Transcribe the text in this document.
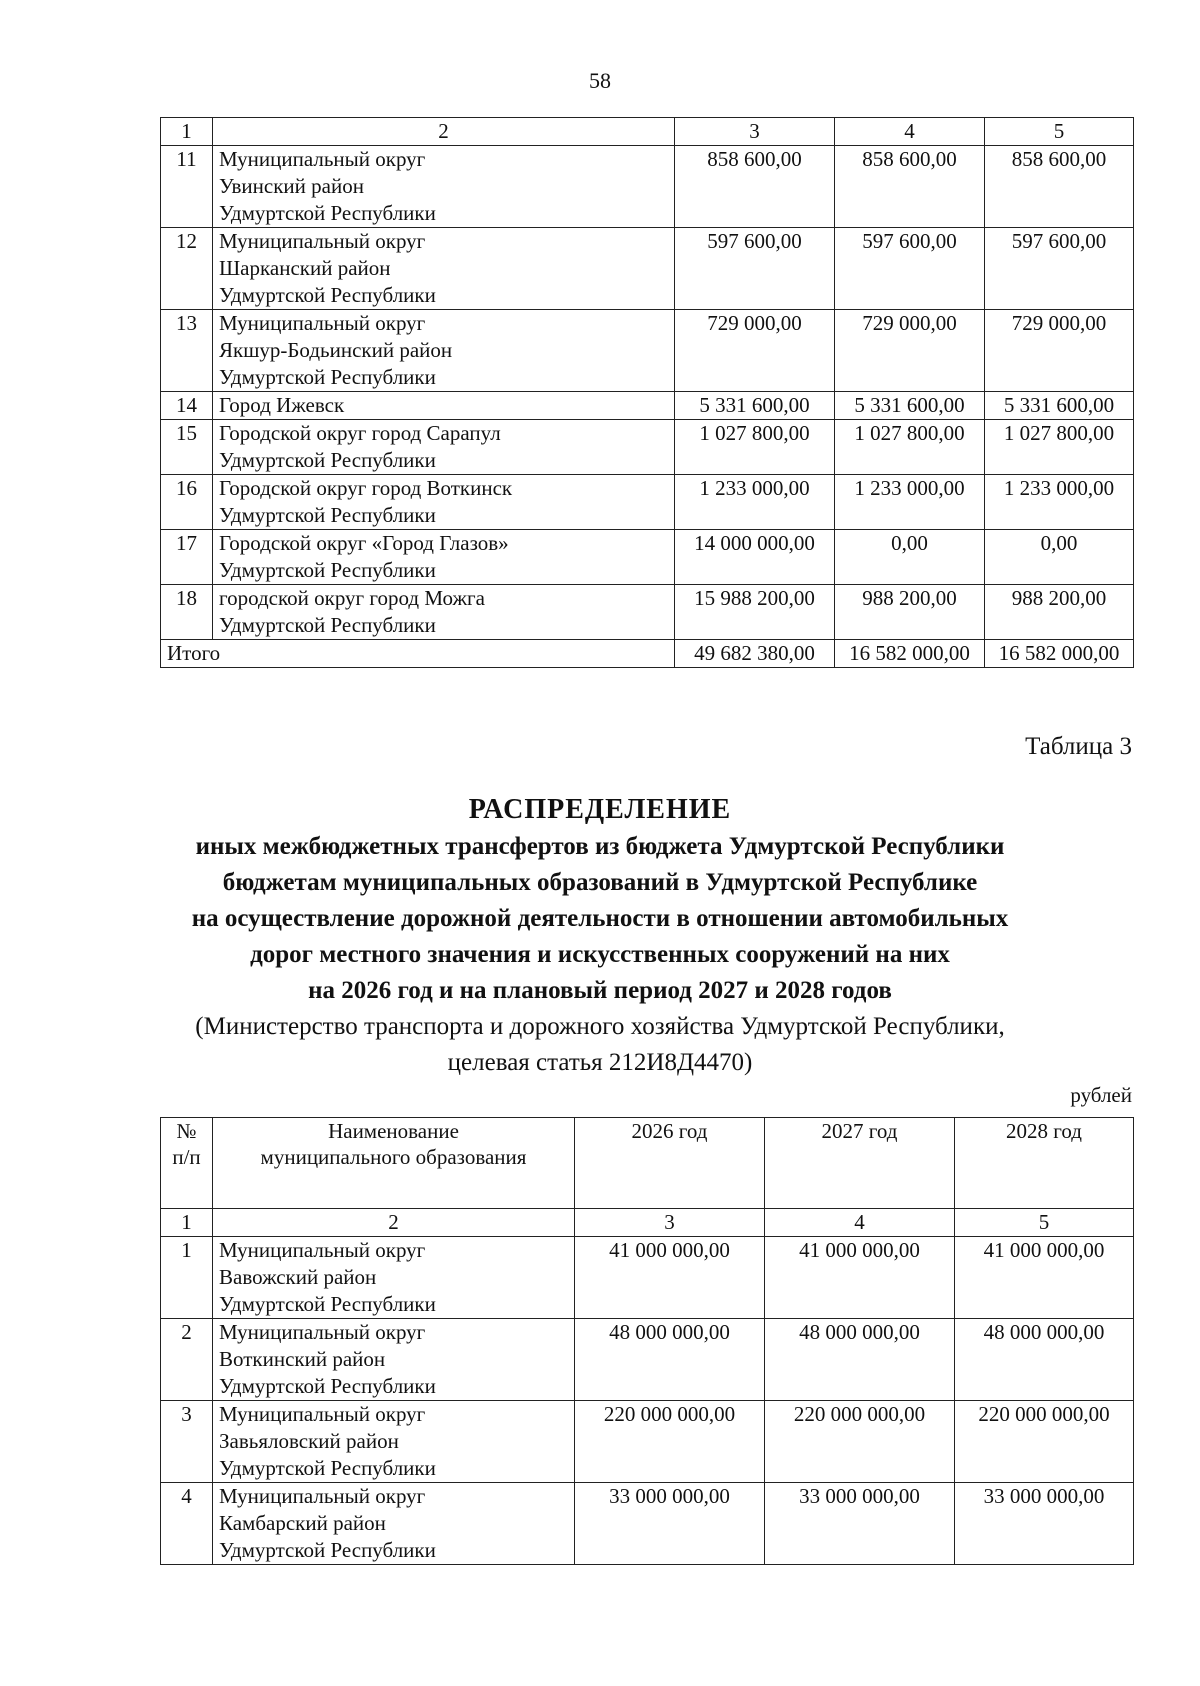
58
1	2	3	4	5
11	Муниципальный округ
Увинский район
Удмуртской Республики	858 600,00	858 600,00	858 600,00
12	Муниципальный округ
Шарканский район
Удмуртской Республики	597 600,00	597 600,00	597 600,00
13	Муниципальный округ
Якшур-Бодьинский район
Удмуртской Республики	729 000,00	729 000,00	729 000,00
14	Город Ижевск	5 331 600,00	5 331 600,00	5 331 600,00
15	Городской округ город Сарапул
Удмуртской Республики	1 027 800,00	1 027 800,00	1 027 800,00
16	Городской округ город Воткинск
Удмуртской Республики	1 233 000,00	1 233 000,00	1 233 000,00
17	Городской округ «Город Глазов»
Удмуртской Республики	14 000 000,00	0,00	0,00
18	городской округ город Можга
Удмуртской Республики	15 988 200,00	988 200,00	988 200,00
Итого		49 682 380,00	16 582 000,00	16 582 000,00
Таблица 3
РАСПРЕДЕЛЕНИЕ
иных межбюджетных трансфертов из бюджета Удмуртской Республики
бюджетам муниципальных образований в Удмуртской Республике
на осуществление дорожной деятельности в отношении автомобильных
дорог местного значения и искусственных сооружений на них
на 2026 год и на плановый период 2027 и 2028 годов
(Министерство транспорта и дорожного хозяйства Удмуртской Республики,
целевая статья 212И8Д4470)
рублей
№
п/п	Наименование
муниципального образования	2026 год	2027 год	2028 год
1	2	3	4	5
1	Муниципальный округ
Вавожский район
Удмуртской Республики	41 000 000,00	41 000 000,00	41 000 000,00
2	Муниципальный округ
Воткинский район
Удмуртской Республики	48 000 000,00	48 000 000,00	48 000 000,00
3	Муниципальный округ
Завьяловский район
Удмуртской Республики	220 000 000,00	220 000 000,00	220 000 000,00
4	Муниципальный округ
Камбарский район
Удмуртской Республики	33 000 000,00	33 000 000,00	33 000 000,00
